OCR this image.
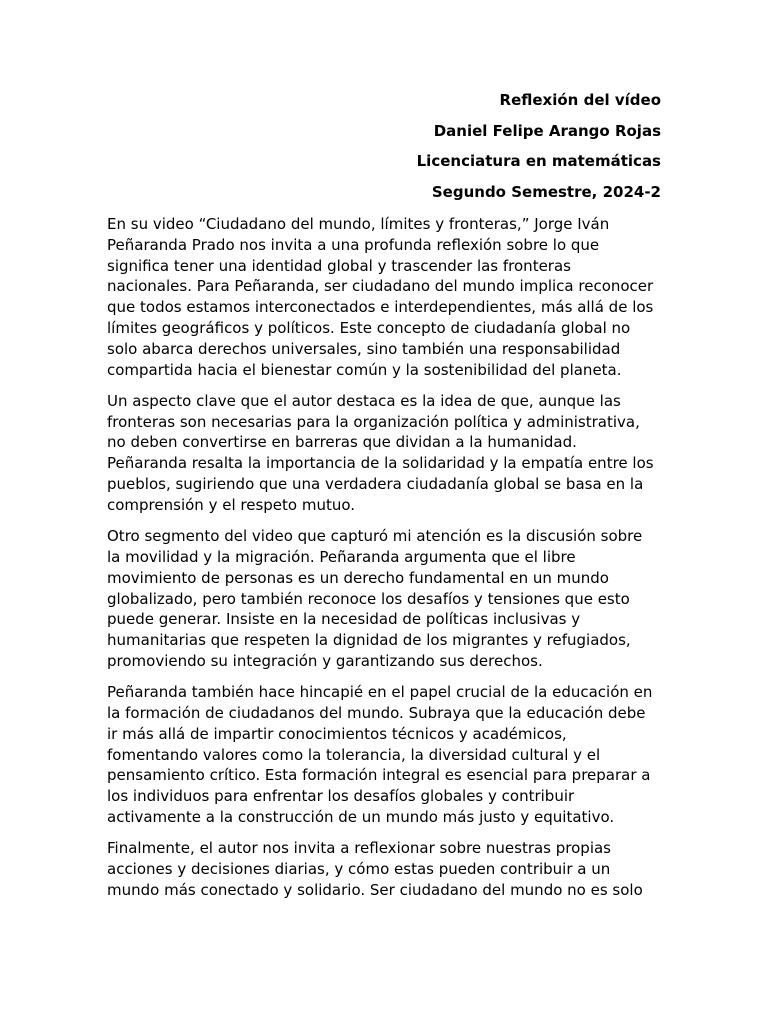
Reflexión del vídeo
Daniel Felipe Arango Rojas
Licenciatura en matemáticas
Segundo Semestre, 2024-2

En su video “Ciudadano del mundo, límites y fronteras,” Jorge Iván
Peñaranda Prado nos invita a una profunda reflexión sobre lo que
significa tener una identidad global y trascender las fronteras
nacionales. Para Peñaranda, ser ciudadano del mundo implica reconocer
que todos estamos interconectados e interdependientes, más allá de los
límites geográficos y políticos. Este concepto de ciudadanía global no
solo abarca derechos universales, sino también una responsabilidad
compartida hacia el bienestar común y la sostenibilidad del planeta.

Un aspecto clave que el autor destaca es la idea de que, aunque las
fronteras son necesarias para la organización política y administrativa,
no deben convertirse en barreras que dividan a la humanidad.
Peñaranda resalta la importancia de la solidaridad y la empatía entre los
pueblos, sugiriendo que una verdadera ciudadanía global se basa en la
comprensión y el respeto mutuo.

Otro segmento del video que capturó mi atención es la discusión sobre
la movilidad y la migración. Peñaranda argumenta que el libre
movimiento de personas es un derecho fundamental en un mundo
globalizado, pero también reconoce los desafíos y tensiones que esto
puede generar. Insiste en la necesidad de políticas inclusivas y
humanitarias que respeten la dignidad de los migrantes y refugiados,
promoviendo su integración y garantizando sus derechos.

Peñaranda también hace hincapié en el papel crucial de la educación en
la formación de ciudadanos del mundo. Subraya que la educación debe
ir más allá de impartir conocimientos técnicos y académicos,
fomentando valores como la tolerancia, la diversidad cultural y el
pensamiento crítico. Esta formación integral es esencial para preparar a
los individuos para enfrentar los desafíos globales y contribuir
activamente a la construcción de un mundo más justo y equitativo.

Finalmente, el autor nos invita a reflexionar sobre nuestras propias
acciones y decisiones diarias, y cómo estas pueden contribuir a un
mundo más conectado y solidario. Ser ciudadano del mundo no es solo
